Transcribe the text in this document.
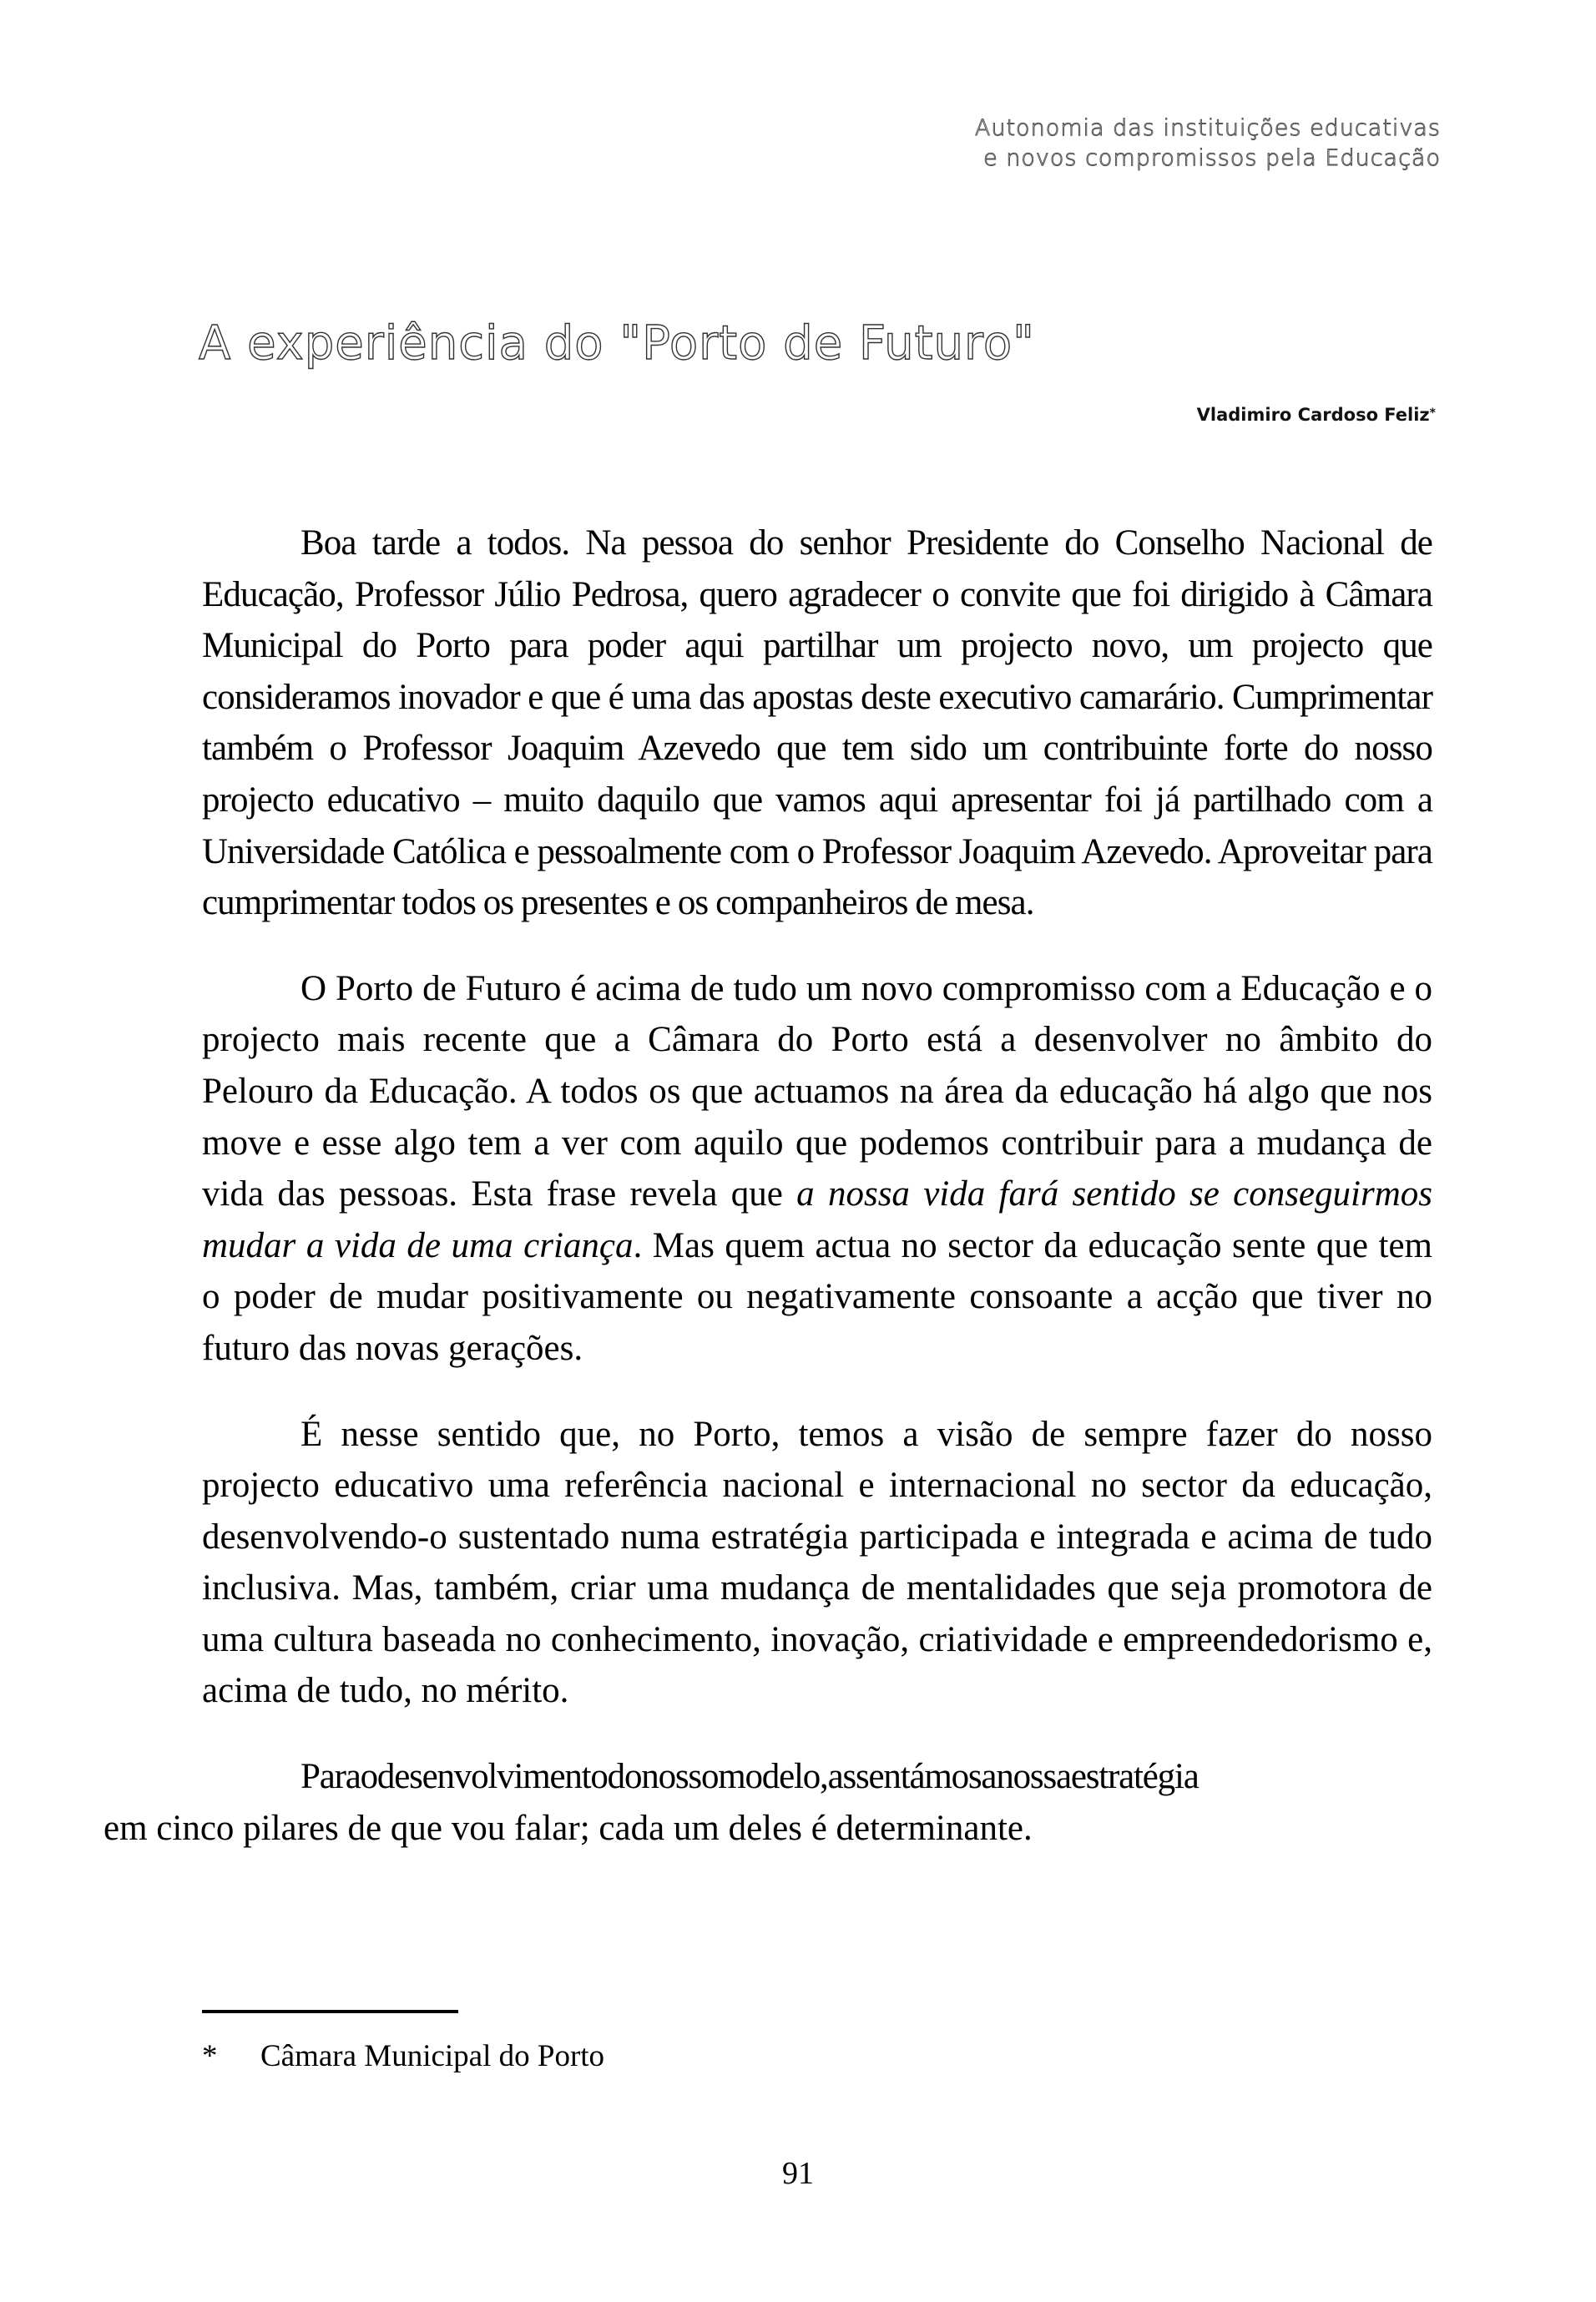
Autonomia das instituições educativas
e novos compromissos pela Educação
A experiência do "Porto de Futuro"
Vladimiro Cardoso Feliz*

Boa tarde a todos. Na pessoa do senhor Presidente do Conselho Nacional de Educação, Professor Júlio Pedrosa, quero agradecer o convite que foi dirigido à Câmara Municipal do Porto para poder aqui partilhar um projecto novo, um projecto que consideramos inovador e que é uma das apostas deste executivo camarário. Cumprimentar também o Professor Joaquim Azevedo que tem sido um contribuinte forte do nosso projecto educativo – muito daquilo que vamos aqui apresentar foi já partilhado com a Universidade Católica e pessoalmente com o Professor Joaquim Azevedo. Aproveitar para cumprimentar todos os presentes e os companheiros de mesa.

O Porto de Futuro é acima de tudo um novo compromisso com a Educação e o projecto mais recente que a Câmara do Porto está a desenvolver no âmbito do Pelouro da Educação. A todos os que actuamos na área da educação há algo que nos move e esse algo tem a ver com aquilo que podemos contribuir para a mudança de vida das pessoas. Esta frase revela que a nossa vida fará sentido se conseguirmos mudar a vida de uma criança. Mas quem actua no sector da educação sente que tem o poder de mudar positivamente ou negativamente consoante a acção que tiver no futuro das novas gerações.

É nesse sentido que, no Porto, temos a visão de sempre fazer do nosso projecto educativo uma referência nacional e internacional no sector da educação, desenvolvendo-o sustentado numa estratégia participada e integrada e acima de tudo inclusiva. Mas, também, criar uma mudança de mentalidades que seja promotora de uma cultura baseada no conhecimento, inovação, criatividade e empreendedorismo e, acima de tudo, no mérito.

Paraodesenvolvimentodonossomodelo,assentámosanossaestratégia
em cinco pilares de que vou falar; cada um deles é determinante.

* Câmara Municipal do Porto
91
